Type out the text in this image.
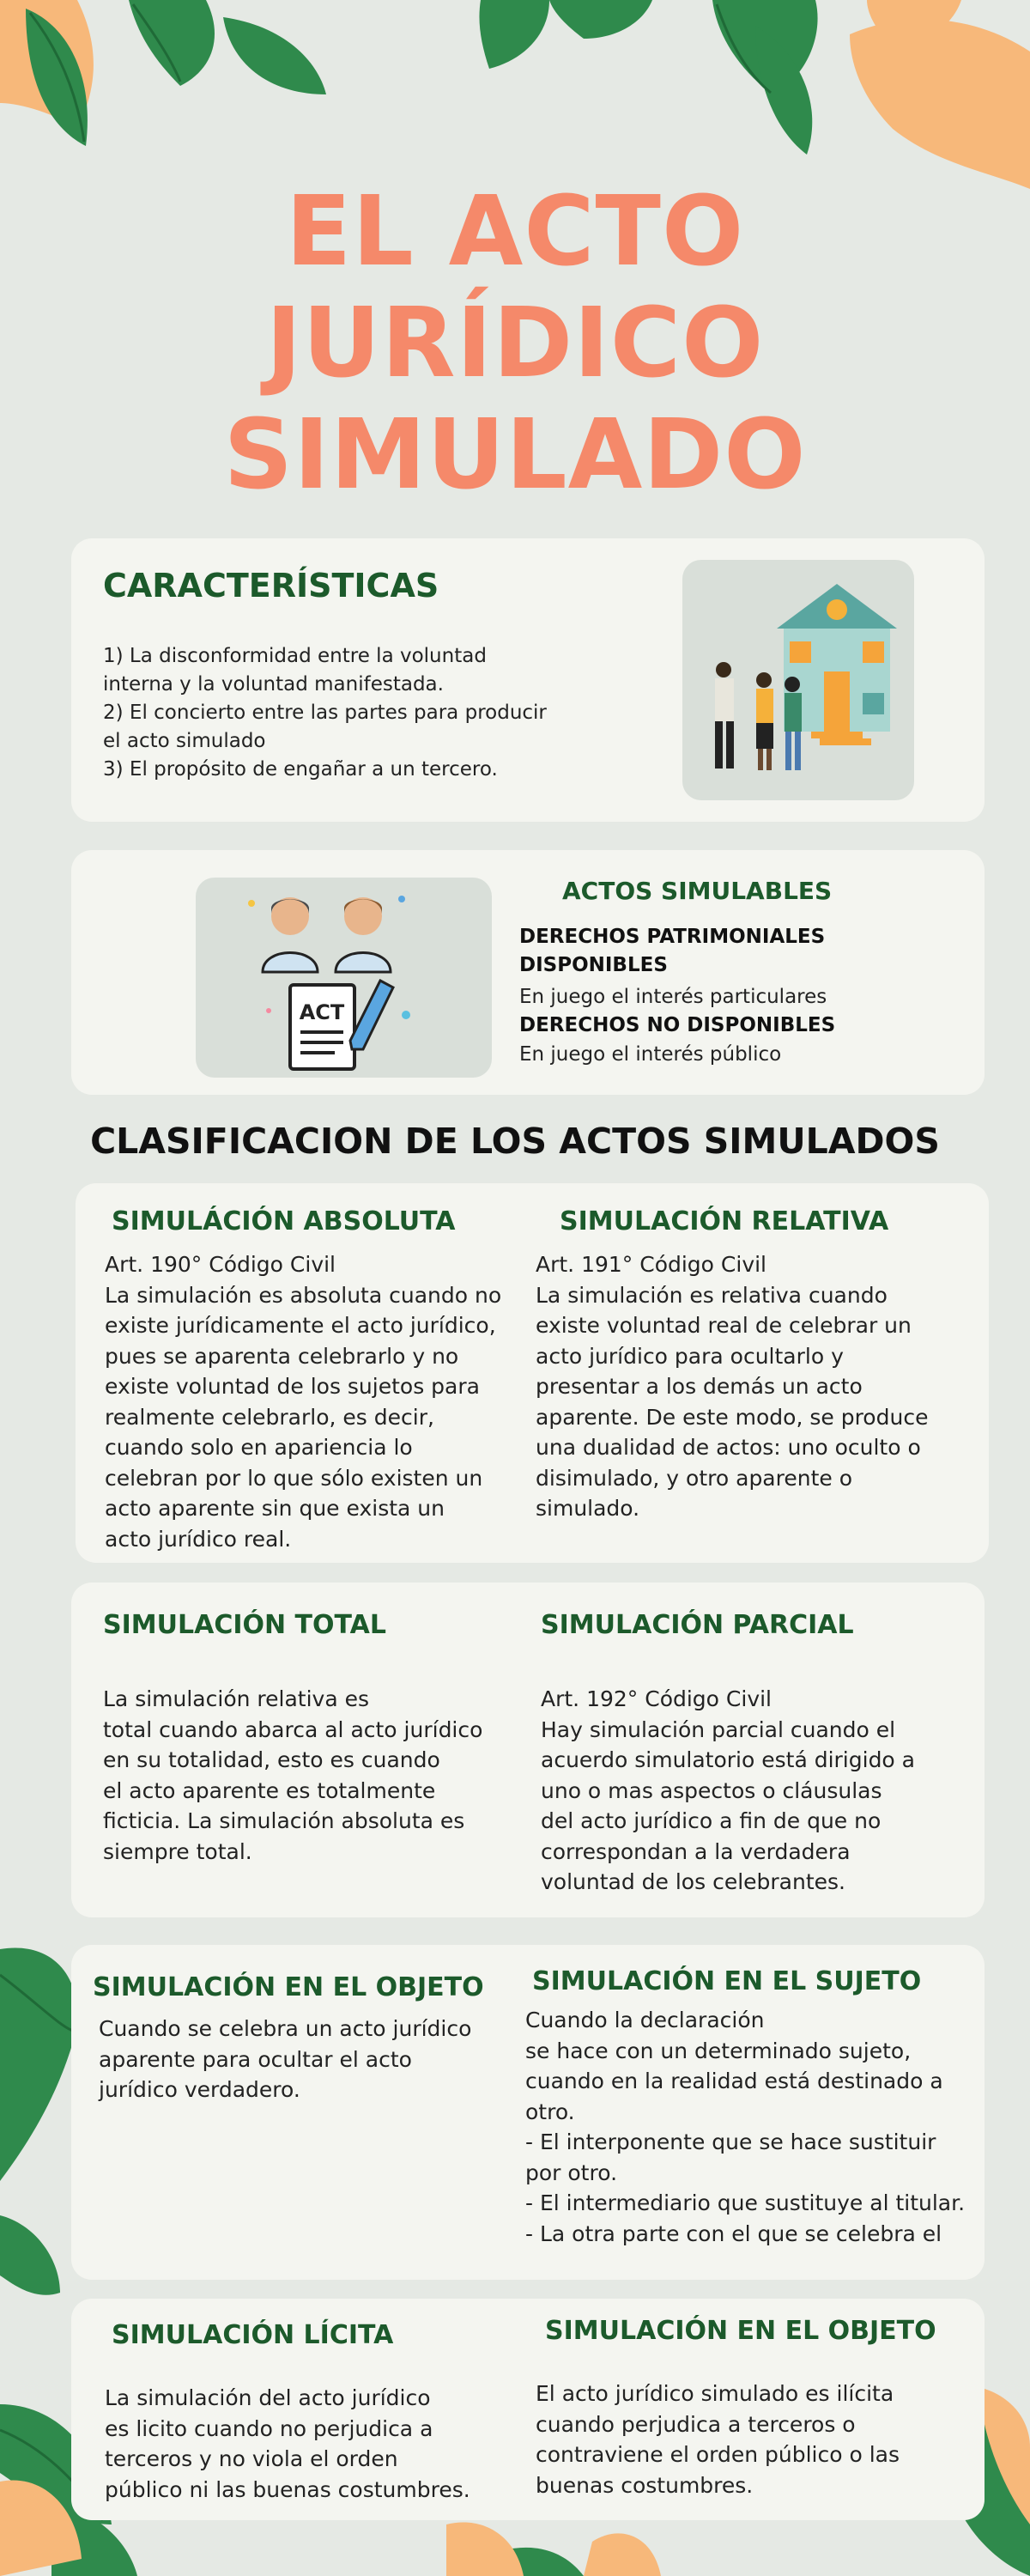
EL ACTO
JURÍDICO
SIMULADO
CARACTERÍSTICAS
1) La disconformidad entre la voluntad
interna y la voluntad manifestada.
2) El concierto entre las partes para producir
el acto simulado
3) El propósito de engañar a un tercero.
ACT
ACTOS SIMULABLES
DERECHOS PATRIMONIALES
DISPONIBLES
En juego el interés particulares
DERECHOS NO DISPONIBLES
En juego el interés público
CLASIFICACION DE LOS ACTOS SIMULADOS
SIMULÁCIÓN ABSOLUTA
Art. 190° Código Civil
La simulación es absoluta cuando no
existe jurídicamente el acto jurídico,
pues se aparenta celebrarlo y no
existe voluntad de los sujetos para
realmente celebrarlo, es decir,
cuando solo en apariencia lo
celebran por lo que sólo existen un
acto aparente sin que exista un
acto jurídico real.
SIMULACIÓN RELATIVA
Art. 191° Código Civil
La simulación es relativa cuando
existe voluntad real de celebrar un
acto jurídico para ocultarlo y
presentar a los demás un acto
aparente. De este modo, se produce
una dualidad de actos: uno oculto o
disimulado, y otro aparente o
simulado.
SIMULACIÓN TOTAL
La simulación relativa es
total cuando abarca al acto jurídico
en su totalidad, esto es cuando
el acto aparente es totalmente
ficticia. La simulación absoluta es
siempre total.
SIMULACIÓN PARCIAL
Art. 192° Código Civil
Hay simulación parcial cuando el
acuerdo simulatorio está dirigido a
uno o mas aspectos o cláusulas
del acto jurídico a fin de que no
correspondan a la verdadera
voluntad de los celebrantes.
SIMULACIÓN EN EL OBJETO
Cuando se celebra un acto jurídico
aparente para ocultar el acto
jurídico verdadero.
SIMULACIÓN EN EL SUJETO
Cuando la declaración
se hace con un determinado sujeto,
cuando en la realidad está destinado a
otro.
- El interponente que se hace sustituir
por otro.
- El intermediario que sustituye al titular.
- La otra parte con el que se celebra el
SIMULACIÓN LÍCITA
La simulación del acto jurídico
es licito cuando no perjudica a
terceros y no viola el orden
público ni las buenas costumbres.
SIMULACIÓN EN EL OBJETO
El acto jurídico simulado es ilícita
cuando perjudica a terceros o
contraviene el orden público o las
buenas costumbres.
